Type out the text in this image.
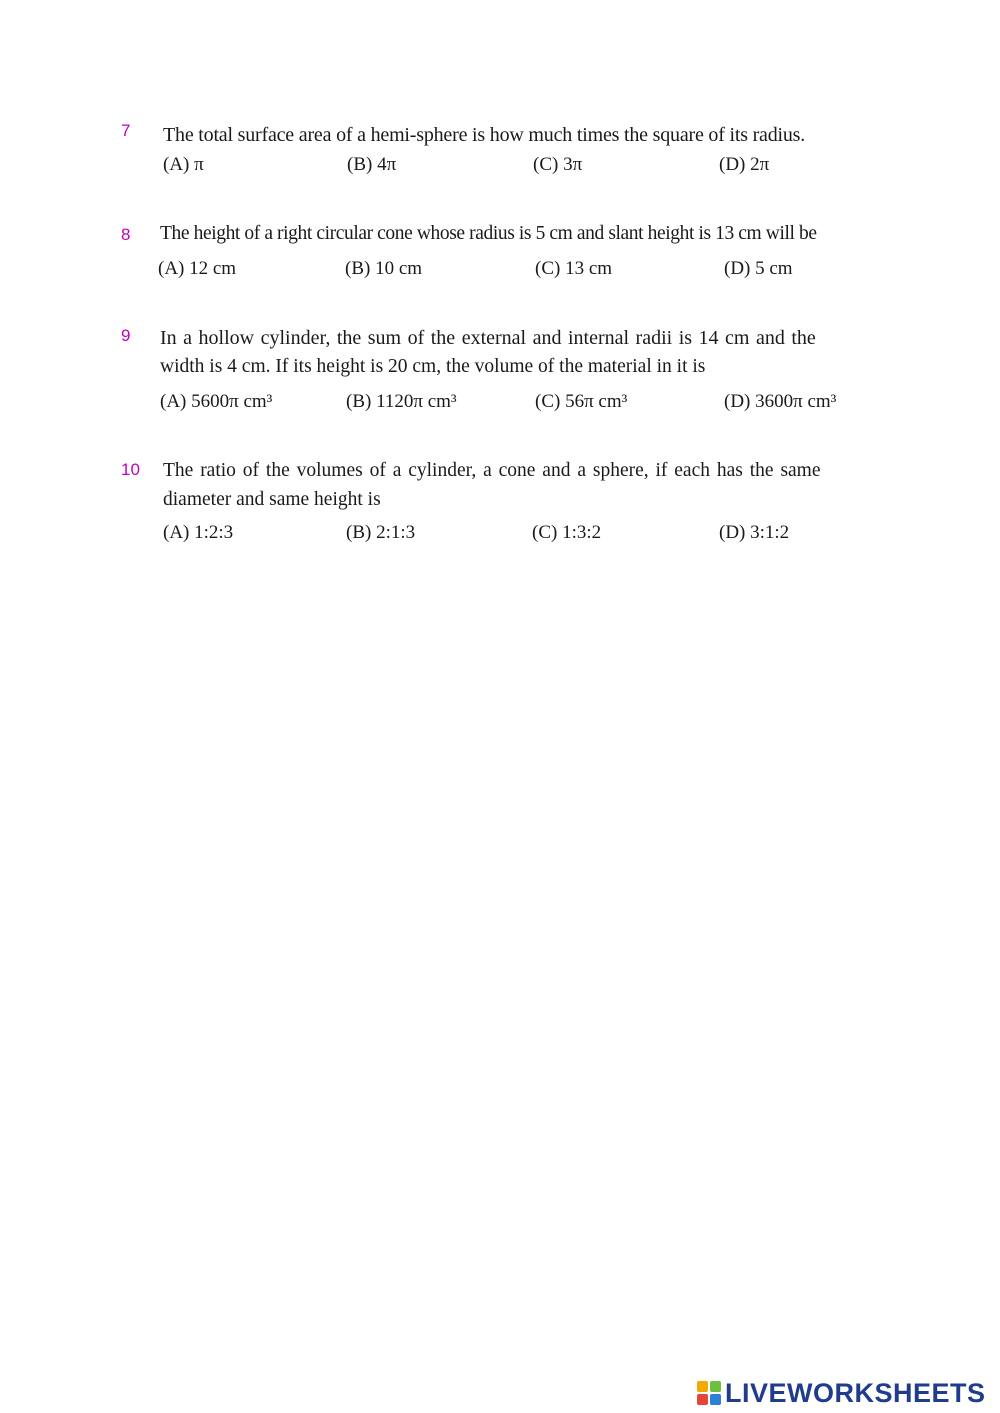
7 The total surface area of a hemi-sphere is how much times the square of its radius.
(A) π	(B) 4π	(C) 3π	(D) 2π
8 The height of a right circular cone whose radius is 5 cm and slant height is 13 cm will be
(A) 12 cm	(B) 10 cm	(C) 13 cm	(D) 5 cm
9 In a hollow cylinder, the sum of the external and internal radii is 14 cm and the
width is 4 cm. If its height is 20 cm, the volume of the material in it is
(A) 5600π cm³	(B) 1120π cm³	(C) 56π cm³	(D) 3600π cm³
10 The ratio of the volumes of a cylinder, a cone and a sphere, if each has the same
diameter and same height is
(A) 1:2:3	(B) 2:1:3	(C) 1:3:2	(D) 3:1:2
LIVEWORKSHEETS
